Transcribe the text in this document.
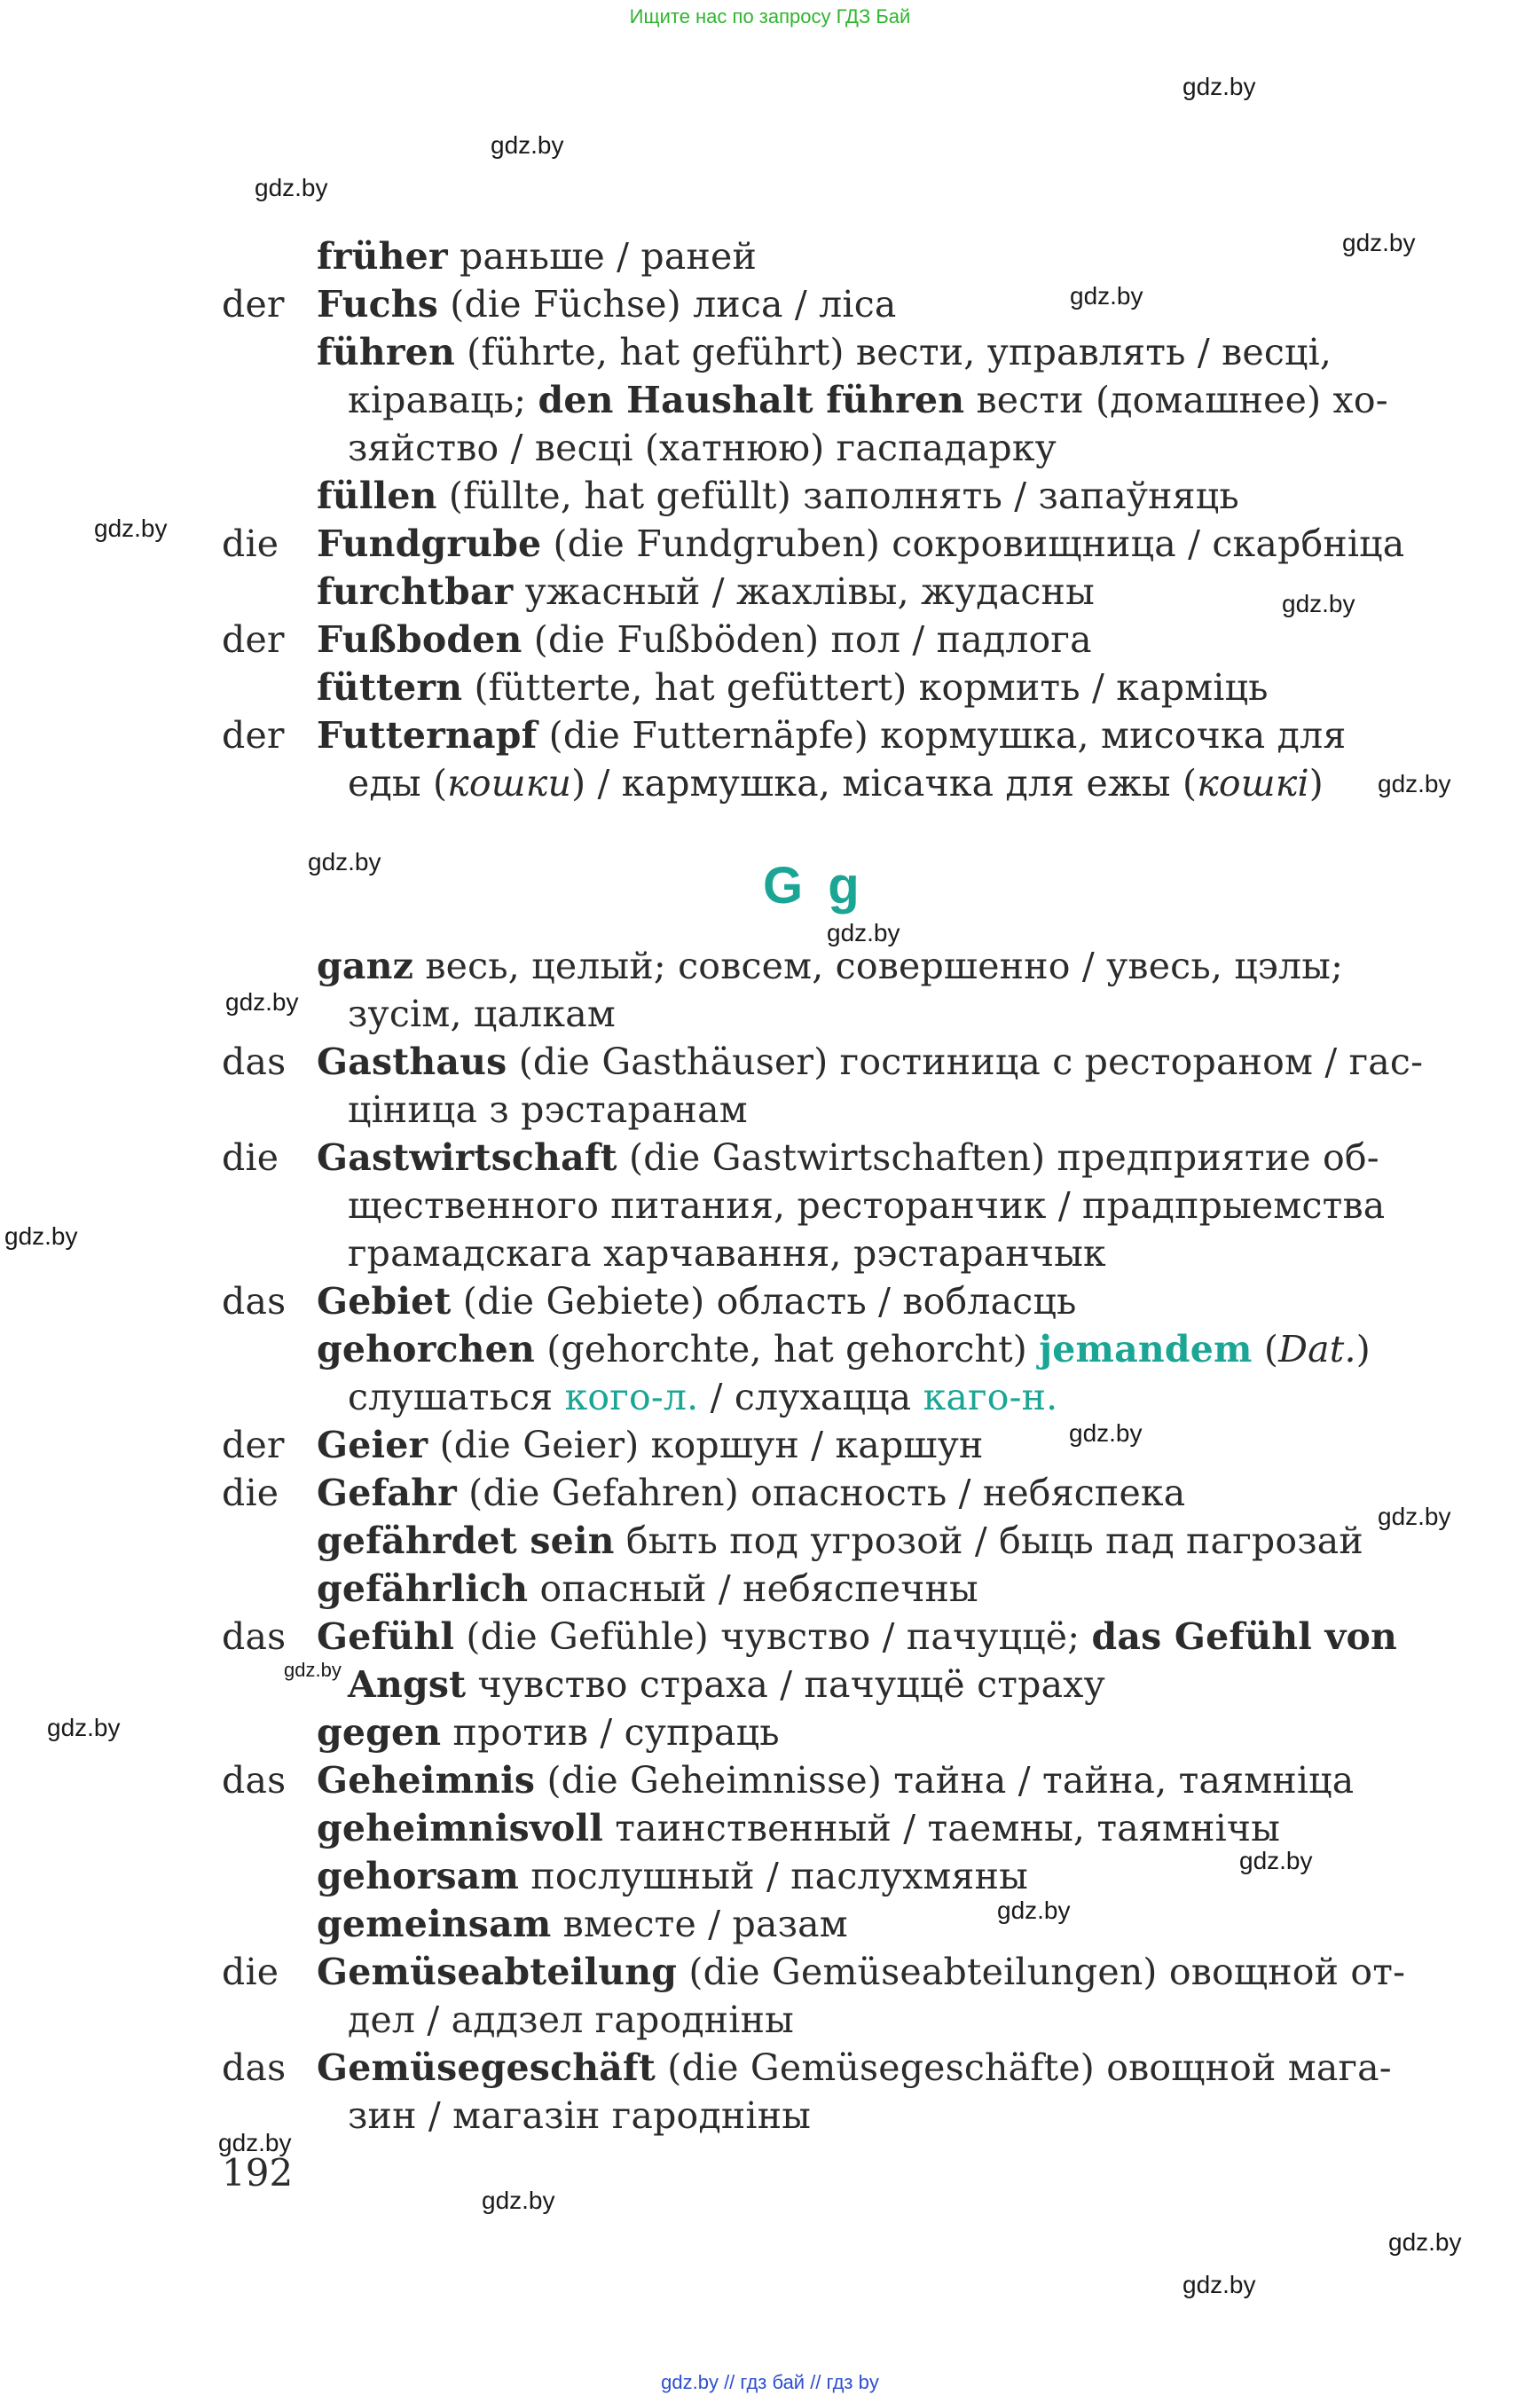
Ищите нас по запросу ГДЗ Бай
früher раньше / раней
der Fuchs (die Füchse) лиса / ліса
führen (führte, hat geführt) вести, управлять / весці,
кіраваць; den Haushalt führen вести (домашнее) хо-
зяйство / весці (хатнюю) гаспадарку
füllen (füllte, hat gefüllt) заполнять / запаўняць
die Fundgrube (die Fundgruben) сокровищница / скарбніца
furchtbar ужасный / жахлівы, жудасны
der Fußboden (die Fußböden) пол / падлога
füttern (fütterte, hat gefüttert) кормить / карміць
der Futternapf (die Futternäpfe) кормушка, мисочка для
еды (кошки) / кармушка, місачка для ежы (кошкі)
ganz весь, целый; совсем, совершенно / увесь, цэлы;
зусім, цалкам
das Gasthaus (die Gasthäuser) гостиница с рестораном / гас-
ціница з рэстаранам
die Gastwirtschaft (die Gastwirtschaften) предприятие об-
щественного питания, ресторанчик / прадпрыемства
грамадскага харчавання, рэстаранчык
das Gebiet (die Gebiete) область / вобласць
gehorchen (gehorchte, hat gehorcht) jemandem (Dat.)
слушаться кого-л. / слухацца каго-н.
der Geier (die Geier) коршун / каршун
die Gefahr (die Gefahren) опасность / небяспека
gefährdet sein быть под угрозой / быць пад пагрозай
gefährlich опасный / небяспечны
das Gefühl (die Gefühle) чувство / пачуццё; das Gefühl von
Angst чувство страха / пачуццё страху
gegen против / супраць
das Geheimnis (die Geheimnisse) тайна / тайна, таямніца
geheimnisvoll таинственный / таемны, таямнічы
gehorsam послушный / паслухмяны
gemeinsam вместе / разам
die Gemüseabteilung (die Gemüseabteilungen) овощной от-
дел / аддзел гародніны
das Gemüsegeschäft (die Gemüsegeschäfte) овощной мага-
зин / магазін гародніны
G g
192
gdz.by
gdz.by
gdz.by
gdz.by
gdz.by
gdz.by
gdz.by
gdz.by
gdz.by
gdz.by
gdz.by
gdz.by
gdz.by
gdz.by
gdz.by
gdz.by
gdz.by
gdz.by
gdz.by
gdz.by
gdz.by
gdz.by
gdz.by // гдз бай // гдз by
